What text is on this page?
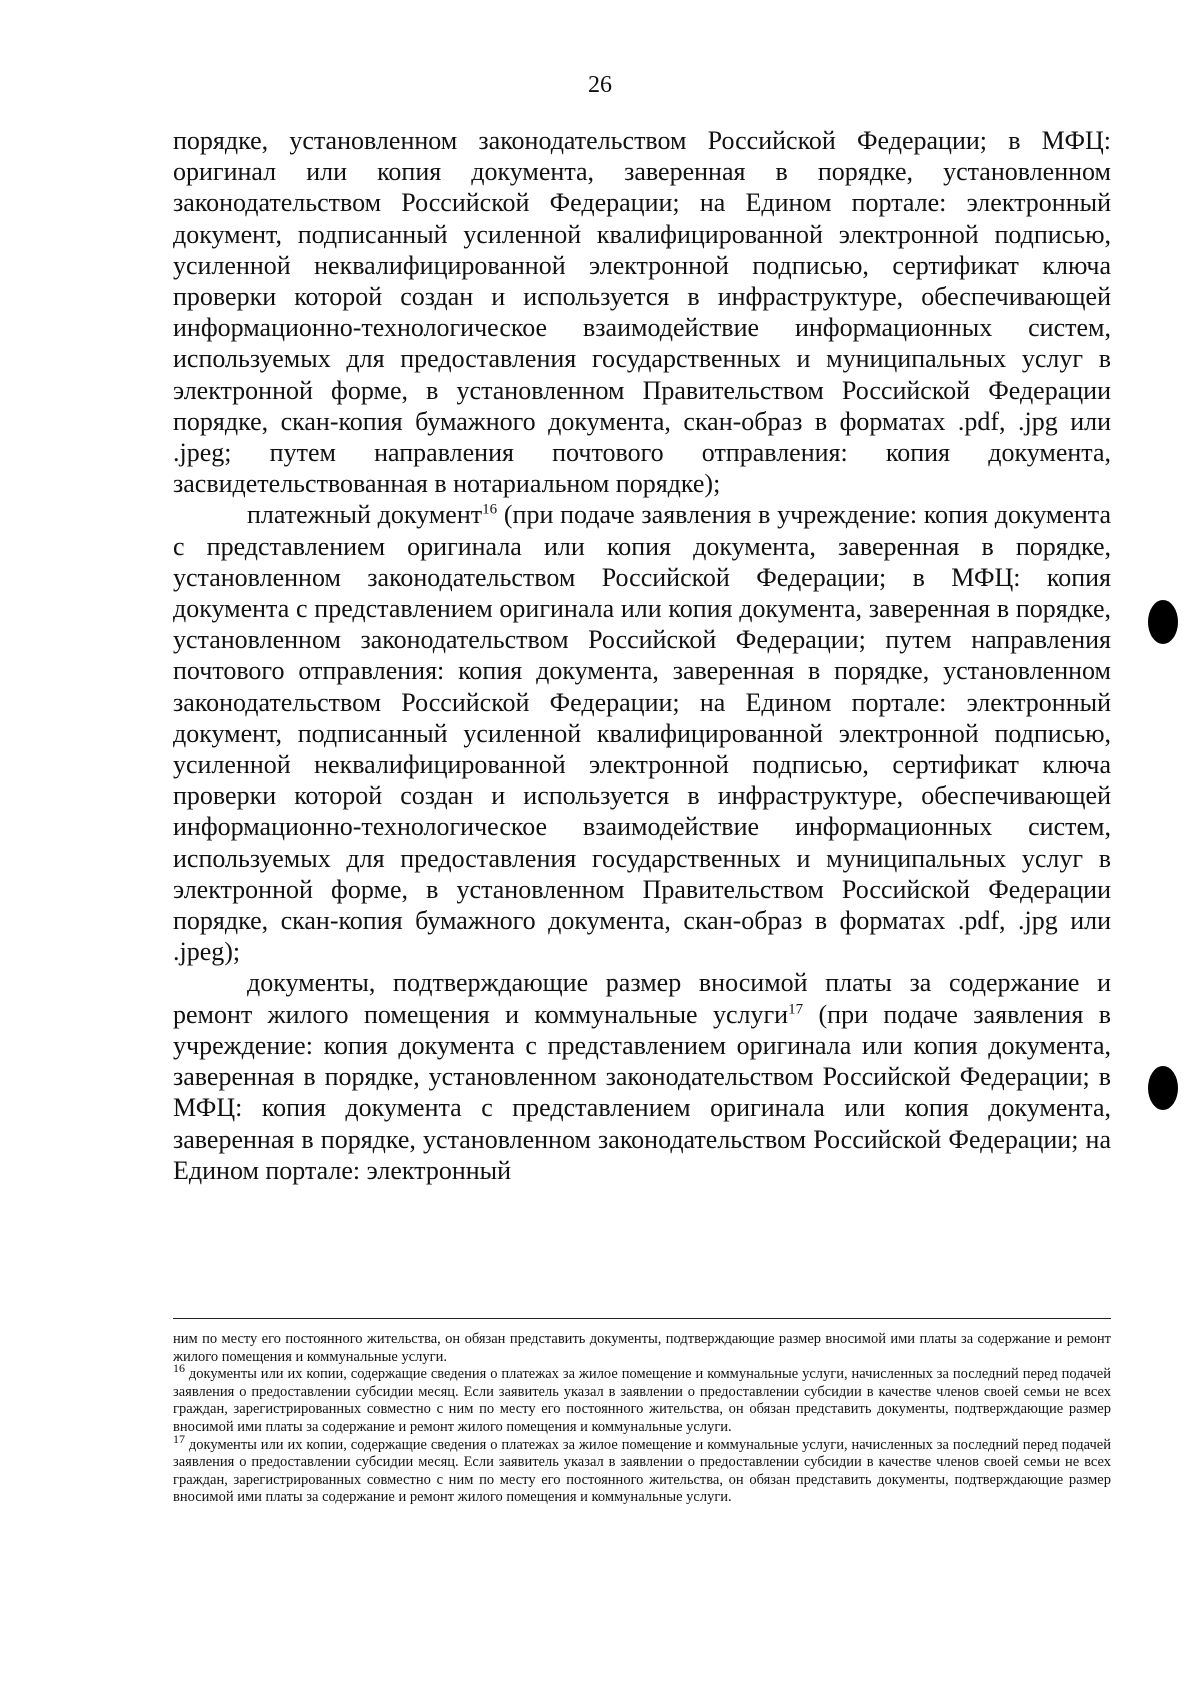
26

порядке, установленном законодательством Российской Федерации; в МФЦ: оригинал или копия документа, заверенная в порядке, установленном законодательством Российской Федерации; на Едином портале: электронный документ, подписанный усиленной квалифицированной электронной подписью, усиленной неквалифицированной электронной подписью, сертификат ключа проверки которой создан и используется в инфраструктуре, обеспечивающей информационно-технологическое взаимодействие информационных систем, используемых для предоставления государственных и муниципальных услуг в электронной форме, в установленном Правительством Российской Федерации порядке, скан-копия бумажного документа, скан-образ в форматах .pdf, .jpg или .jpeg; путем направления почтового отправления: копия документа, засвидетельствованная в нотариальном порядке);

платежный документ$^{16}$ (при подаче заявления в учреждение: копия документа с представлением оригинала или копия документа, заверенная в порядке, установленном законодательством Российской Федерации; в МФЦ: копия документа с представлением оригинала или копия документа, заверенная в порядке, установленном законодательством Российской Федерации; путем направления почтового отправления: копия документа, заверенная в порядке, установленном законодательством Российской Федерации; на Едином портале: электронный документ, подписанный усиленной квалифицированной электронной подписью, усиленной неквалифицированной электронной подписью, сертификат ключа проверки которой создан и используется в инфраструктуре, обеспечивающей информационно-технологическое взаимодействие информационных систем, используемых для предоставления государственных и муниципальных услуг в электронной форме, в установленном Правительством Российской Федерации порядке, скан-копия бумажного документа, скан-образ в форматах .pdf, .jpg или .jpeg);

документы, подтверждающие размер вносимой платы за содержание и ремонт жилого помещения и коммунальные услуги$^{17}$ (при подаче заявления в учреждение: копия документа с представлением оригинала или копия документа, заверенная в порядке, установленном законодательством Российской Федерации; в МФЦ: копия документа с представлением оригинала или копия документа, заверенная в порядке, установленном законодательством Российской Федерации; на Едином портале: электронный

ним по месту его постоянного жительства, он обязан представить документы, подтверждающие размер вносимой ими платы за содержание и ремонт жилого помещения и коммунальные услуги.

$^{16}$ документы или их копии, содержащие сведения о платежах за жилое помещение и коммунальные услуги, начисленных за последний перед подачей заявления о предоставлении субсидии месяц. Если заявитель указал в заявлении о предоставлении субсидии в качестве членов своей семьи не всех граждан, зарегистрированных совместно с ним по месту его постоянного жительства, он обязан представить документы, подтверждающие размер вносимой ими платы за содержание и ремонт жилого помещения и коммунальные услуги.

$^{17}$ документы или их копии, содержащие сведения о платежах за жилое помещение и коммунальные услуги, начисленных за последний перед подачей заявления о предоставлении субсидии месяц. Если заявитель указал в заявлении о предоставлении субсидии в качестве членов своей семьи не всех граждан, зарегистрированных совместно с ним по месту его постоянного жительства, он обязан представить документы, подтверждающие размер вносимой ими платы за содержание и ремонт жилого помещения и коммунальные услуги.
